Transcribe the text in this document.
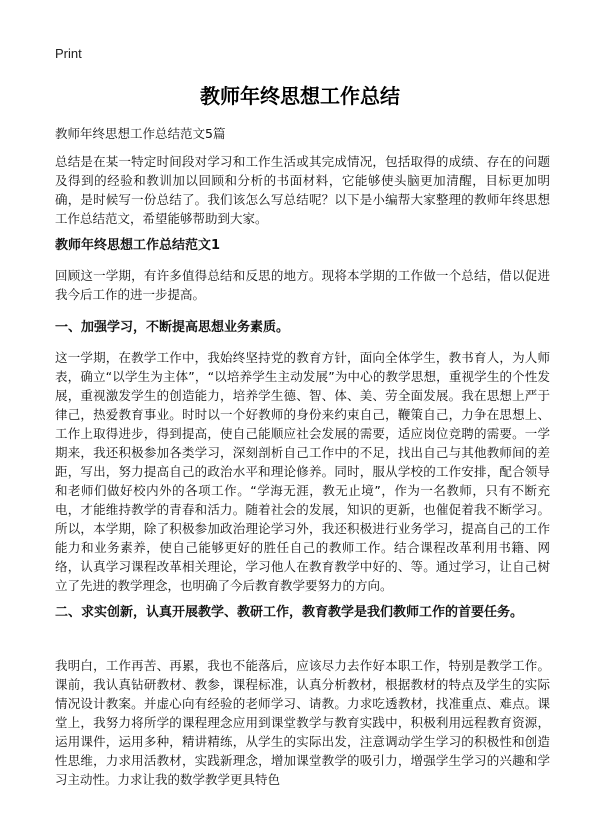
Print
教师年终思想工作总结

教师年终思想工作总结范文5篇

总结是在某一特定时间段对学习和工作生活或其完成情况，包括取得的成绩、存在的问题及得到的经验和教训加以回顾和分析的书面材料，它能够使头脑更加清醒，目标更加明确，是时候写一份总结了。我们该怎么写总结呢？以下是小编帮大家整理的教师年终思想工作总结范文，希望能够帮助到大家。

教师年终思想工作总结范文1

回顾这一学期，有许多值得总结和反思的地方。现将本学期的工作做一个总结，借以促进我今后工作的进一步提高。

一、加强学习，不断提高思想业务素质。

这一学期，在教学工作中，我始终坚持党的教育方针，面向全体学生，教书育人，为人师表，确立“以学生为主体”，“以培养学生主动发展”为中心的教学思想，重视学生的个性发展，重视激发学生的创造能力，培养学生德、智、体、美、劳全面发展。我在思想上严于律己，热爱教育事业。时时以一个好教师的身份来约束自己，鞭策自己，力争在思想上、工作上取得进步，得到提高，使自己能顺应社会发展的需要，适应岗位竞聘的需要。一学期来，我还积极参加各类学习，深刻剖析自己工作中的不足，找出自己与其他教师间的差距，写出，努力提高自己的政治水平和理论修养。同时，服从学校的工作安排，配合领导和老师们做好校内外的各项工作。“学海无涯，教无止境”，作为一名教师，只有不断充电，才能维持教学的青春和活力。随着社会的发展，知识的更新，也催促着我不断学习。所以，本学期，除了积极参加政治理论学习外，我还积极进行业务学习，提高自己的工作能力和业务素养，使自己能够更好的胜任自己的教师工作。结合课程改革利用书籍、网络，认真学习课程改革相关理论，学习他人在教育教学中好的、等。通过学习，让自己树立了先进的教学理念，也明确了今后教育教学要努力的方向。

二、求实创新，认真开展教学、教研工作，教育教学是我们教师工作的首要任务。

我明白，工作再苦、再累，我也不能落后，应该尽力去作好本职工作，特别是教学工作。课前，我认真钻研教材、教参，课程标准，认真分析教材，根据教材的特点及学生的实际情况设计教案。并虚心向有经验的老师学习、请教。力求吃透教材，找准重点、难点。课堂上，我努力将所学的课程理念应用到课堂教学与教育实践中，积极利用远程教育资源，运用课件，运用多种，精讲精练，从学生的实际出发，注意调动学生学习的积极性和创造性思维，力求用活教材，实践新理念，增加课堂教学的吸引力，增强学生学习的兴趣和学习主动性。力求让我的数学教学更具特色
